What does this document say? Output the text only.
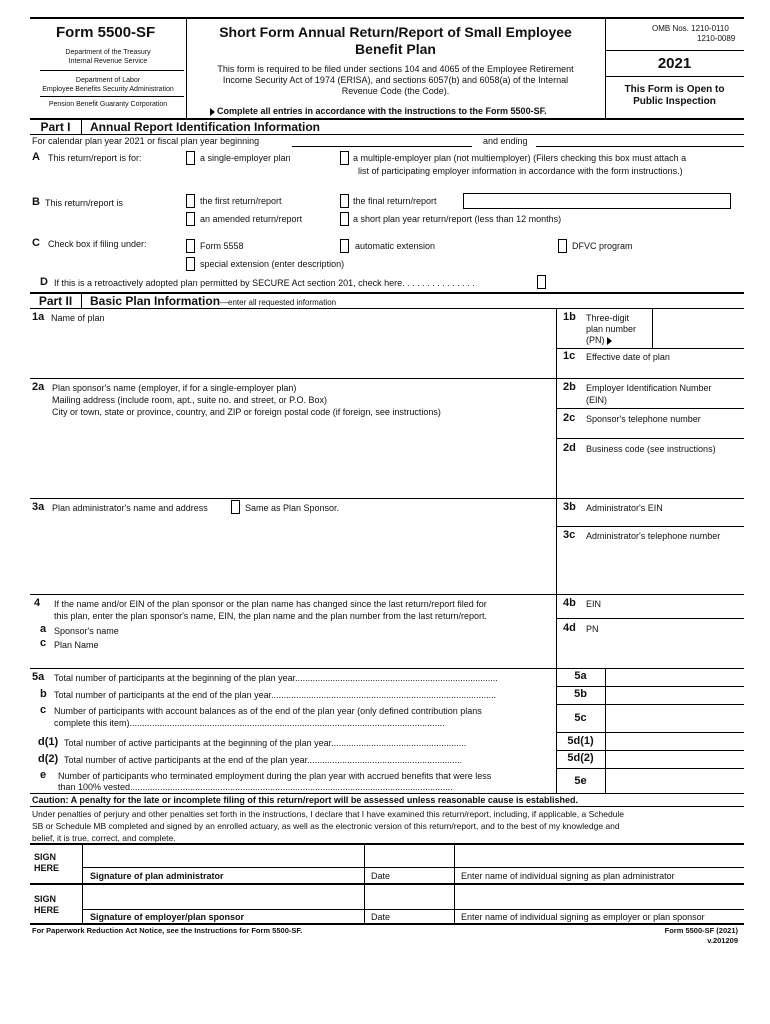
Form 5500-SF
Department of the Treasury
Internal Revenue Service
Department of Labor
Employee Benefits Security Administration
Pension Benefit Guaranty Corporation
Short Form Annual Return/Report of Small Employee
Benefit Plan
This form is required to be filed under sections 104 and 4065 of the Employee Retirement
Income Security Act of 1974 (ERISA), and sections 6057(b) and 6058(a) of the Internal
Revenue Code (the Code).
Complete all entries in accordance with the instructions to the Form 5500-SF.
OMB Nos. 1210-0110
1210-0089
2021
This Form is Open to
Public Inspection
Part I	Annual Report Identification Information
For calendar plan year 2021 or fiscal plan year beginning	and ending
A This return/report is for:	a single-employer plan	a multiple-employer plan (not multiemployer) (Filers checking this box must attach a
list of participating employer information in accordance with the form instructions.)
B This return/report is	the first return/report	the final return/report
an amended return/report	a short plan year return/report (less than 12 months)
C Check box if filing under:	Form 5558	automatic extension	DFVC program
special extension (enter description)
D If this is a retroactively adopted plan permitted by SECURE Act section 201, check here. . . . . . . . . . . . . . .
Part II	Basic Plan Information—enter all requested information
1a Name of plan	1b Three-digit
plan number
(PN)
1c Effective date of plan
2a Plan sponsor's name (employer, if for a single-employer plan)
Mailing address (include room, apt., suite no. and street, or P.O. Box)
City or town, state or province, country, and ZIP or foreign postal code (if foreign, see instructions)
2b Employer Identification Number
(EIN)
2c Sponsor's telephone number
2d Business code (see instructions)
3a Plan administrator's name and address	Same as Plan Sponsor.	3b Administrator's EIN
3c Administrator's telephone number
4 If the name and/or EIN of the plan sponsor or the plan name has changed since the last return/report filed for
this plan, enter the plan sponsor's name, EIN, the plan name and the plan number from the last return/report.
a Sponsor's name
c Plan Name
4b EIN
4d PN
5a Total number of participants at the beginning of the plan year.................................................................................	5a
b Total number of participants at the end of the plan year..........................................................................................	5b
c Number of participants with account balances as of the end of the plan year (only defined contribution plans
complete this item)..............................................................................................................................	5c
d(1) Total number of active participants at the beginning of the plan year......................................................	5d(1)
d(2) Total number of active participants at the end of the plan year..............................................................	5d(2)
e Number of participants who terminated employment during the plan year with accrued benefits that were less
than 100% vested.................................................................................................................................	5e
Caution: A penalty for the late or incomplete filing of this return/report will be assessed unless reasonable cause is established.
Under penalties of perjury and other penalties set forth in the instructions, I declare that I have examined this return/report, including, if applicable, a Schedule
SB or Schedule MB completed and signed by an enrolled actuary, as well as the electronic version of this return/report, and to the best of my knowledge and
belief, it is true, correct, and complete.
SIGN
HERE
Signature of plan administrator	Date	Enter name of individual signing as plan administrator
SIGN
HERE
Signature of employer/plan sponsor	Date	Enter name of individual signing as employer or plan sponsor
For Paperwork Reduction Act Notice, see the Instructions for Form 5500-SF.	Form 5500-SF (2021)
v.201209
